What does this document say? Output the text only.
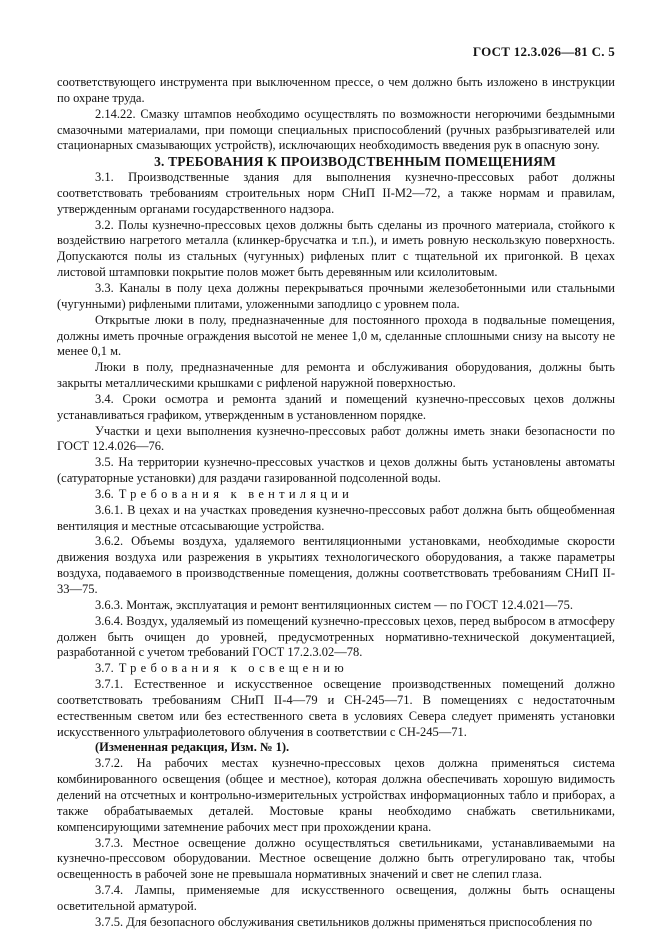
ГОСТ 12.3.026—81 С. 5

соответствующего инструмента при выключенном прессе, о чем должно быть изложено в инструкции по охране труда.

2.14.22. Смазку штампов необходимо осуществлять по возможности негорючими бездымными смазочными материалами, при помощи специальных приспособлений (ручных разбрызгивателей или стационарных смазывающих устройств), исключающих необходимость введения рук в опасную зону.

3. ТРЕБОВАНИЯ К ПРОИЗВОДСТВЕННЫМ ПОМЕЩЕНИЯМ

3.1. Производственные здания для выполнения кузнечно-прессовых работ должны соответствовать требованиям строительных норм СНиП II-М2—72, а также нормам и правилам, утвержденным органами государственного надзора.

3.2. Полы кузнечно-прессовых цехов должны быть сделаны из прочного материала, стойкого к воздействию нагретого металла (клинкер-брусчатка и т.п.), и иметь ровную нескользкую поверхность. Допускаются полы из стальных (чугунных) рифленых плит с тщательной их пригонкой. В цехах листовой штамповки покрытие полов может быть деревянным или ксилолитовым.

3.3. Каналы в полу цеха должны перекрываться прочными железобетонными или стальными (чугунными) рифлеными плитами, уложенными заподлицо с уровнем пола.

Открытые люки в полу, предназначенные для постоянного прохода в подвальные помещения, должны иметь прочные ограждения высотой не менее 1,0 м, сделанные сплошными снизу на высоту не менее 0,1 м.

Люки в полу, предназначенные для ремонта и обслуживания оборудования, должны быть закрыты металлическими крышками с рифленой наружной поверхностью.

3.4. Сроки осмотра и ремонта зданий и помещений кузнечно-прессовых цехов должны устанавливаться графиком, утвержденным в установленном порядке.

Участки и цехи выполнения кузнечно-прессовых работ должны иметь знаки безопасности по ГОСТ 12.4.026—76.

3.5. На территории кузнечно-прессовых участков и цехов должны быть установлены автоматы (сатураторные установки) для раздачи газированной подсоленной воды.

3.6. Требования к вентиляции

3.6.1. В цехах и на участках проведения кузнечно-прессовых работ должна быть общеобменная вентиляция и местные отсасывающие устройства.

3.6.2. Объемы воздуха, удаляемого вентиляционными установками, необходимые скорости движения воздуха или разрежения в укрытиях технологического оборудования, а также параметры воздуха, подаваемого в производственные помещения, должны соответствовать требованиям СНиП II-33—75.

3.6.3. Монтаж, эксплуатация и ремонт вентиляционных систем — по ГОСТ 12.4.021—75.

3.6.4. Воздух, удаляемый из помещений кузнечно-прессовых цехов, перед выбросом в атмосферу должен быть очищен до уровней, предусмотренных нормативно-технической документацией, разработанной с учетом требований ГОСТ 17.2.3.02—78.

3.7. Требования к освещению

3.7.1. Естественное и искусственное освещение производственных помещений должно соответствовать требованиям СНиП II-4—79 и СН-245—71. В помещениях с недостаточным естественным светом или без естественного света в условиях Севера следует применять установки искусственного ультрафиолетового облучения в соответствии с СН-245—71.

(Измененная редакция, Изм. № 1).

3.7.2. На рабочих местах кузнечно-прессовых цехов должна применяться система комбинированного освещения (общее и местное), которая должна обеспечивать хорошую видимость делений на отсчетных и контрольно-измерительных устройствах информационных табло и приборах, а также обрабатываемых деталей. Мостовые краны необходимо снабжать светильниками, компенсирующими затемнение рабочих мест при прохождении крана.

3.7.3. Местное освещение должно осуществляться светильниками, устанавливаемыми на кузнечно-прессовом оборудовании. Местное освещение должно быть отрегулировано так, чтобы освещенность в рабочей зоне не превышала нормативных значений и свет не слепил глаза.

3.7.4. Лампы, применяемые для искусственного освещения, должны быть оснащены осветительной арматурой.

3.7.5. Для безопасного обслуживания светильников должны применяться приспособления по
